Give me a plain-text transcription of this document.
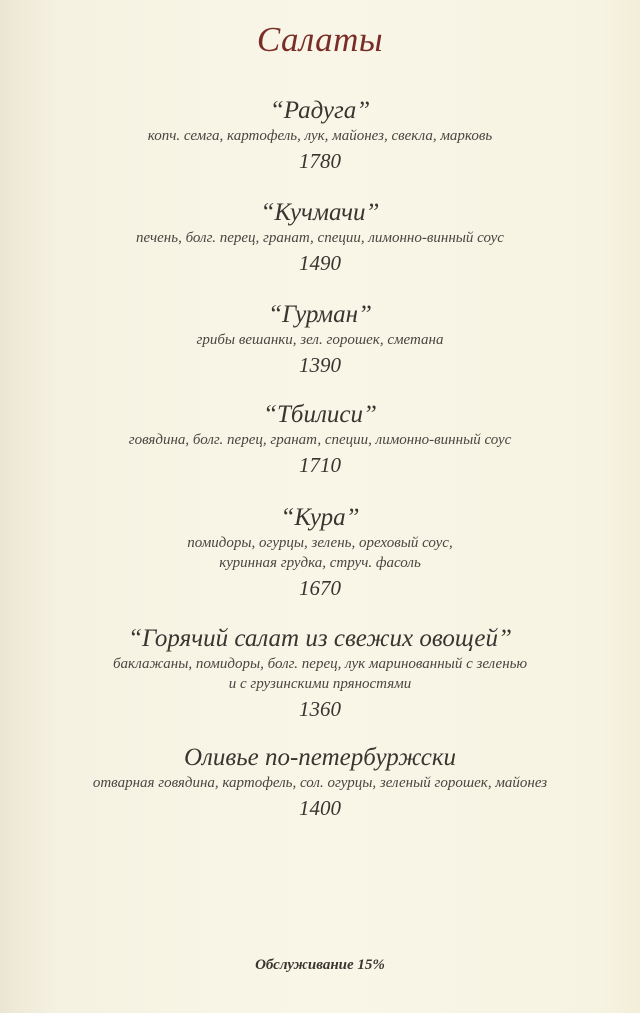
Салаты
“Радуга”
копч. семга, картофель, лук, майонез, свекла, марковь
1780
“Кучмачи”
печень, болг. перец, гранат, специи, лимонно-винный соус
1490
“Гурман”
грибы вешанки, зел. горошек, сметана
1390
“Тбилиси”
говядина, болг. перец, гранат, специи, лимонно-винный соус
1710
“Кура”
помидоры, огурцы, зелень, ореховый соус,
куринная грудка, струч. фасоль
1670
“Горячий салат из свежих овощей”
баклажаны, помидоры, болг. перец, лук маринованный с зеленью
и с грузинскими пряностями
1360
Оливье по-петербуржски
отварная говядина, картофель, сол. огурцы, зеленый горошек, майонез
1400
Обслуживание 15%
